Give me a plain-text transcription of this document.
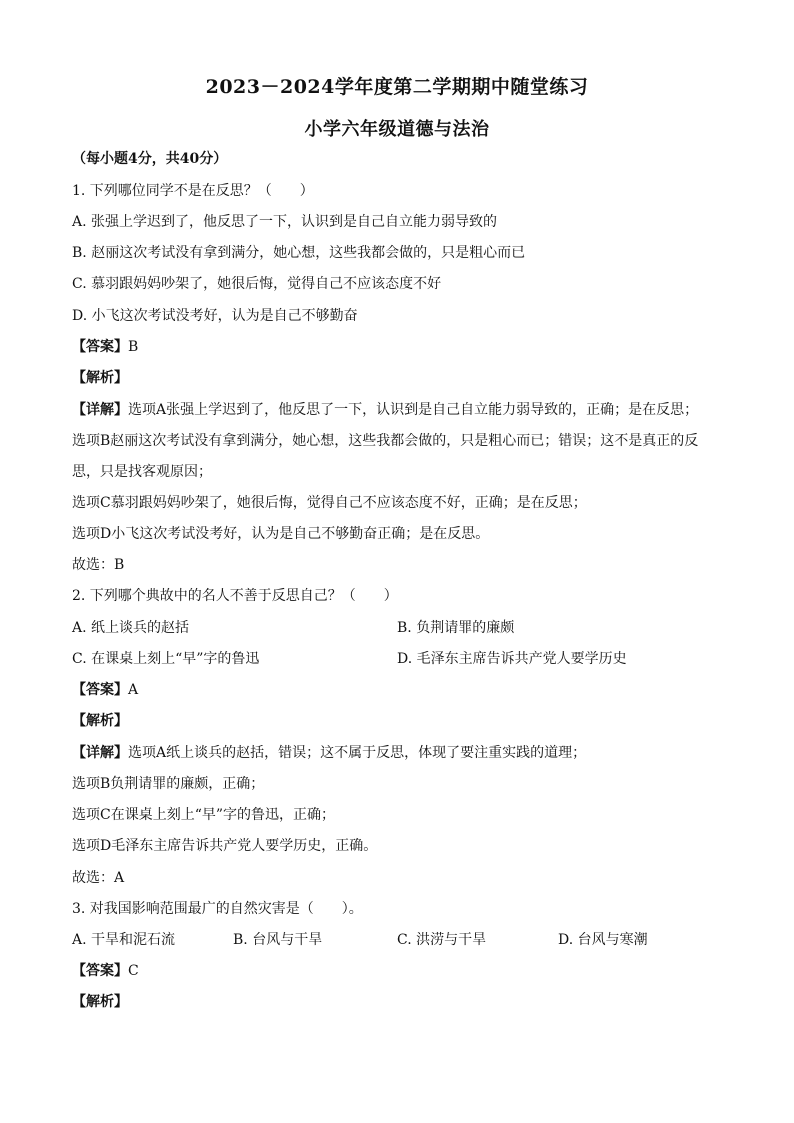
2023－2024学年度第二学期期中随堂练习
小学六年级道德与法治
（每小题4分，共40分）
1. 下列哪位同学不是在反思？（　　）
A. 张强上学迟到了，他反思了一下，认识到是自己自立能力弱导致的
B. 赵丽这次考试没有拿到满分，她心想，这些我都会做的，只是粗心而已
C. 慕羽跟妈妈吵架了，她很后悔，觉得自己不应该态度不好
D. 小飞这次考试没考好，认为是自己不够勤奋
【答案】B
【解析】
【详解】选项A张强上学迟到了，他反思了一下，认识到是自己自立能力弱导致的，正确；是在反思；
选项B赵丽这次考试没有拿到满分，她心想，这些我都会做的，只是粗心而已；错误；这不是真正的反
思，只是找客观原因；
选项C慕羽跟妈妈吵架了，她很后悔，觉得自己不应该态度不好，正确；是在反思；
选项D小飞这次考试没考好，认为是自己不够勤奋正确；是在反思。
故选：B
2. 下列哪个典故中的名人不善于反思自己？（　　）
A. 纸上谈兵的赵括	B. 负荆请罪的廉颇
C. 在课桌上刻上“早”字的鲁迅	D. 毛泽东主席告诉共产党人要学历史
【答案】A
【解析】
【详解】选项A纸上谈兵的赵括，错误；这不属于反思，体现了要注重实践的道理；
选项B负荆请罪的廉颇，正确；
选项C在课桌上刻上“早”字的鲁迅，正确；
选项D毛泽东主席告诉共产党人要学历史，正确。
故选：A
3. 对我国影响范围最广的自然灾害是（　　）。
A. 干旱和泥石流	B. 台风与干旱	C. 洪涝与干旱	D. 台风与寒潮
【答案】C
【解析】
